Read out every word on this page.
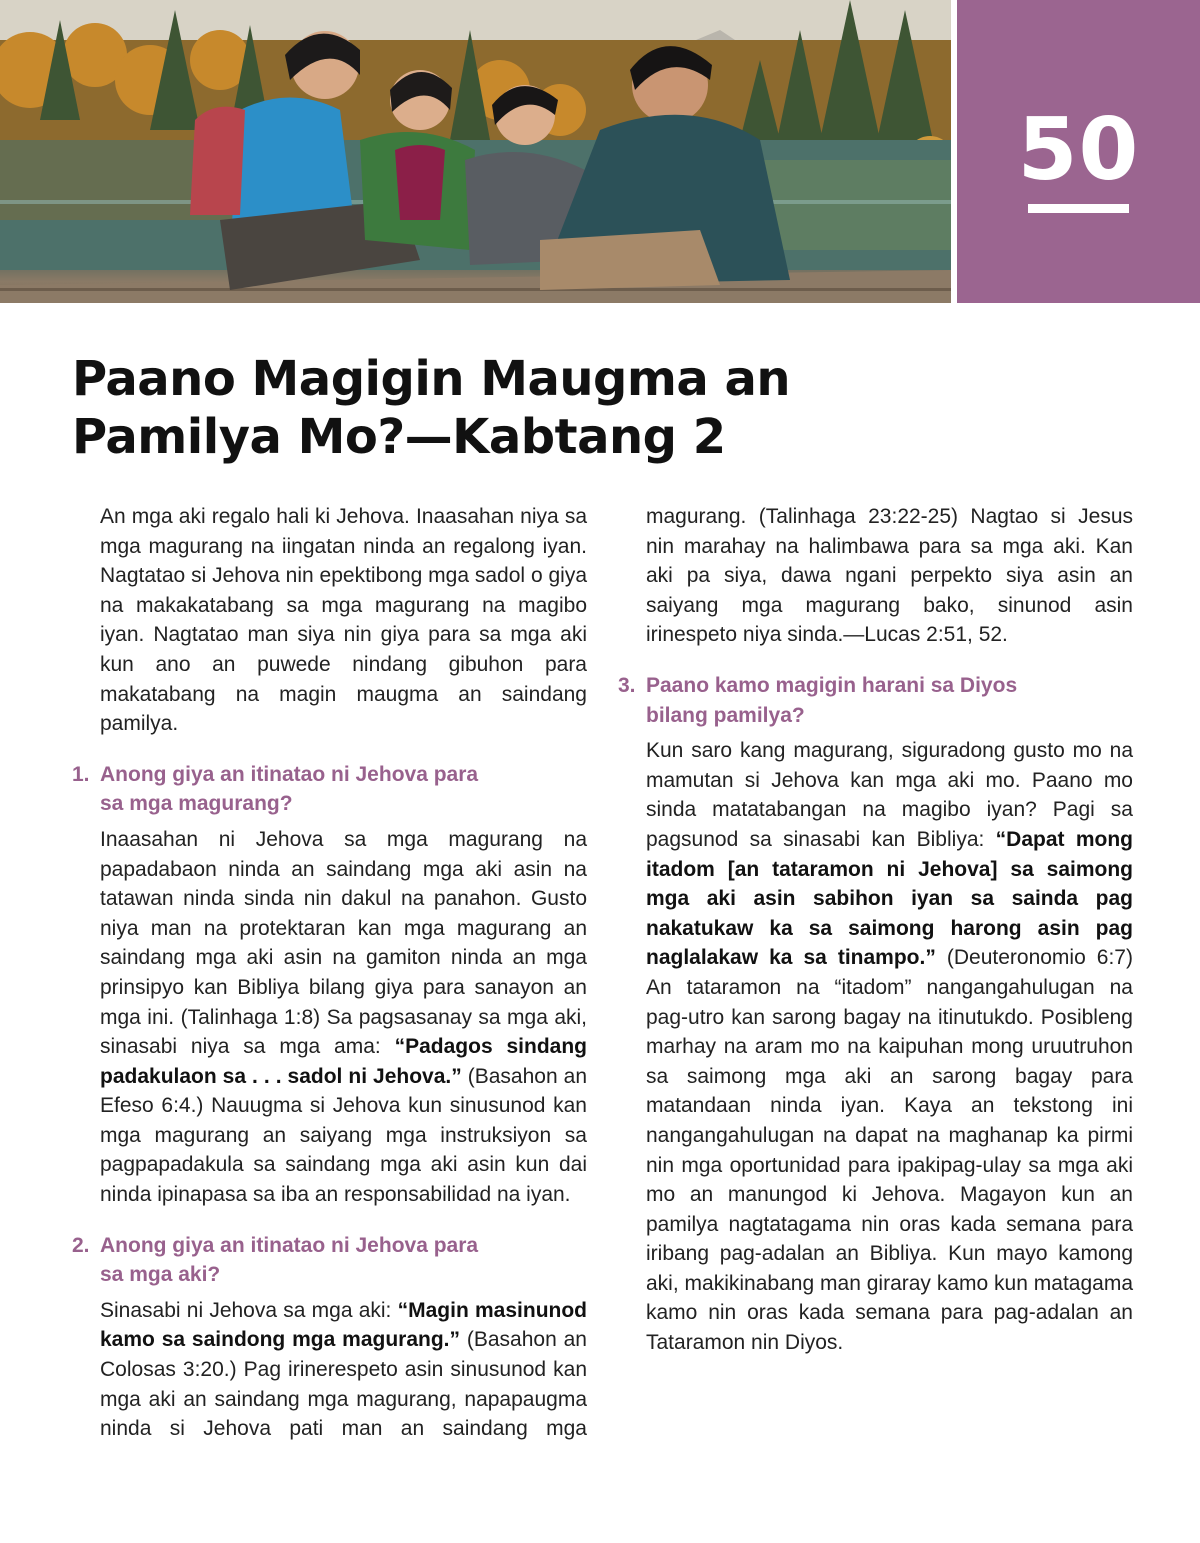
50
Paano Magigin Maugma an
Pamilya Mo?—Kabtang 2

An mga aki regalo hali ki Jehova. Inaasahan niya sa mga magurang na iingatan ninda an regalong iyan. Nagtatao si Jehova nin epektibong mga sadol o giya na makakatabang sa mga magurang na magibo iyan. Nagtatao man siya nin giya para sa mga aki kun ano an puwede nindang gibuhon para makatabang na magin maugma an saindang pamilya.

1. Anong giya an itinatao ni Jehova para
sa mga magurang?

Inaasahan ni Jehova sa mga magurang na papadabaon ninda an saindang mga aki asin na tatawan ninda sinda nin dakul na panahon. Gusto niya man na protektaran kan mga magurang an saindang mga aki asin na gamiton ninda an mga prinsipyo kan Bibliya bilang giya para sanayon an mga ini. (Talinhaga 1:8) Sa pagsasanay sa mga aki, sinasabi niya sa mga ama: “Padagos sindang padakulaon sa . . . sadol ni Jehova.” (Basahon an Efeso 6:4.) Nauugma si Jehova kun sinusunod kan mga magurang an saiyang mga instruksiyon sa pagpapadakula sa saindang mga aki asin kun dai ninda ipinapasa sa iba an responsabilidad na iyan.

2. Anong giya an itinatao ni Jehova para
sa mga aki?

Sinasabi ni Jehova sa mga aki: “Magin masinunod kamo sa saindong mga magurang.” (Basahon an Colosas 3:20.) Pag irinerespeto asin sinusunod kan mga aki an saindang mga magurang, napapaugma ninda si Jehova pati man an saindang mga

magurang. (Talinhaga 23:22-25) Nagtao si Jesus nin marahay na halimbawa para sa mga aki. Kan aki pa siya, dawa ngani perpekto siya asin an saiyang mga magurang bako, sinunod asin irinespeto niya sinda.—Lucas 2:51, 52.

3. Paano kamo magigin harani sa Diyos
bilang pamilya?

Kun saro kang magurang, siguradong gusto mo na mamutan si Jehova kan mga aki mo. Paano mo sinda matatabangan na magibo iyan? Pagi sa pagsunod sa sinasabi kan Bibliya: “Dapat mong itadom [an tataramon ni Jehova] sa saimong mga aki asin sabihon iyan sa sainda pag nakatukaw ka sa saimong harong asin pag naglalakaw ka sa tinampo.” (Deuteronomio 6:7) An tataramon na “itadom” nangangahulugan na pag-utro kan sarong bagay na itinutukdo. Posibleng marhay na aram mo na kaipuhan mong uruutruhon sa saimong mga aki an sarong bagay para matandaan ninda iyan. Kaya an tekstong ini nangangahulugan na dapat na maghanap ka pirmi nin mga oportunidad para ipakipag-ulay sa mga aki mo an manungod ki Jehova. Magayon kun an pamilya nagtatagama nin oras kada semana para iribang pag-adalan an Bibliya. Kun mayo kamong aki, makikinabang man giraray kamo kun matagama kamo nin oras kada semana para pag-adalan an Tataramon nin Diyos.
